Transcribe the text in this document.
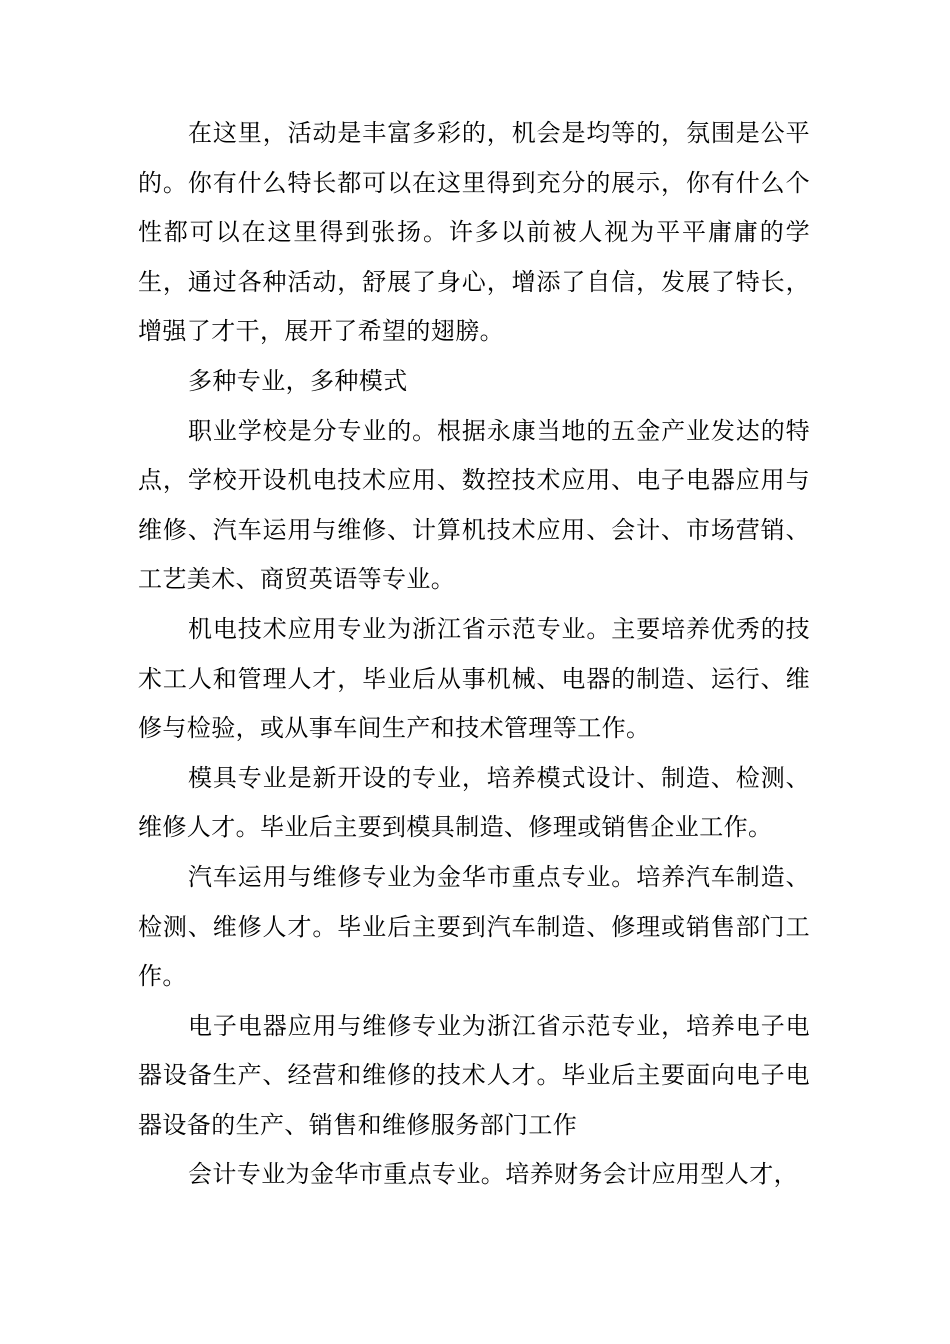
在这里，活动是丰富多彩的，机会是均等的，氛围是公平的。你有什么特长都可以在这里得到充分的展示，你有什么个性都可以在这里得到张扬。许多以前被人视为平平庸庸的学生，通过各种活动，舒展了身心，增添了自信，发展了特长，增强了才干，展开了希望的翅膀。

多种专业，多种模式

职业学校是分专业的。根据永康当地的五金产业发达的特点，学校开设机电技术应用、数控技术应用、电子电器应用与维修、汽车运用与维修、计算机技术应用、会计、市场营销、工艺美术、商贸英语等专业。

机电技术应用专业为浙江省示范专业。主要培养优秀的技术工人和管理人才，毕业后从事机械、电器的制造、运行、维修与检验，或从事车间生产和技术管理等工作。

模具专业是新开设的专业，培养模式设计、制造、检测、维修人才。毕业后主要到模具制造、修理或销售企业工作。

汽车运用与维修专业为金华市重点专业。培养汽车制造、检测、维修人才。毕业后主要到汽车制造、修理或销售部门工作。

电子电器应用与维修专业为浙江省示范专业，培养电子电器设备生产、经营和维修的技术人才。毕业后主要面向电子电器设备的生产、销售和维修服务部门工作

会计专业为金华市重点专业。培养财务会计应用型人才，
